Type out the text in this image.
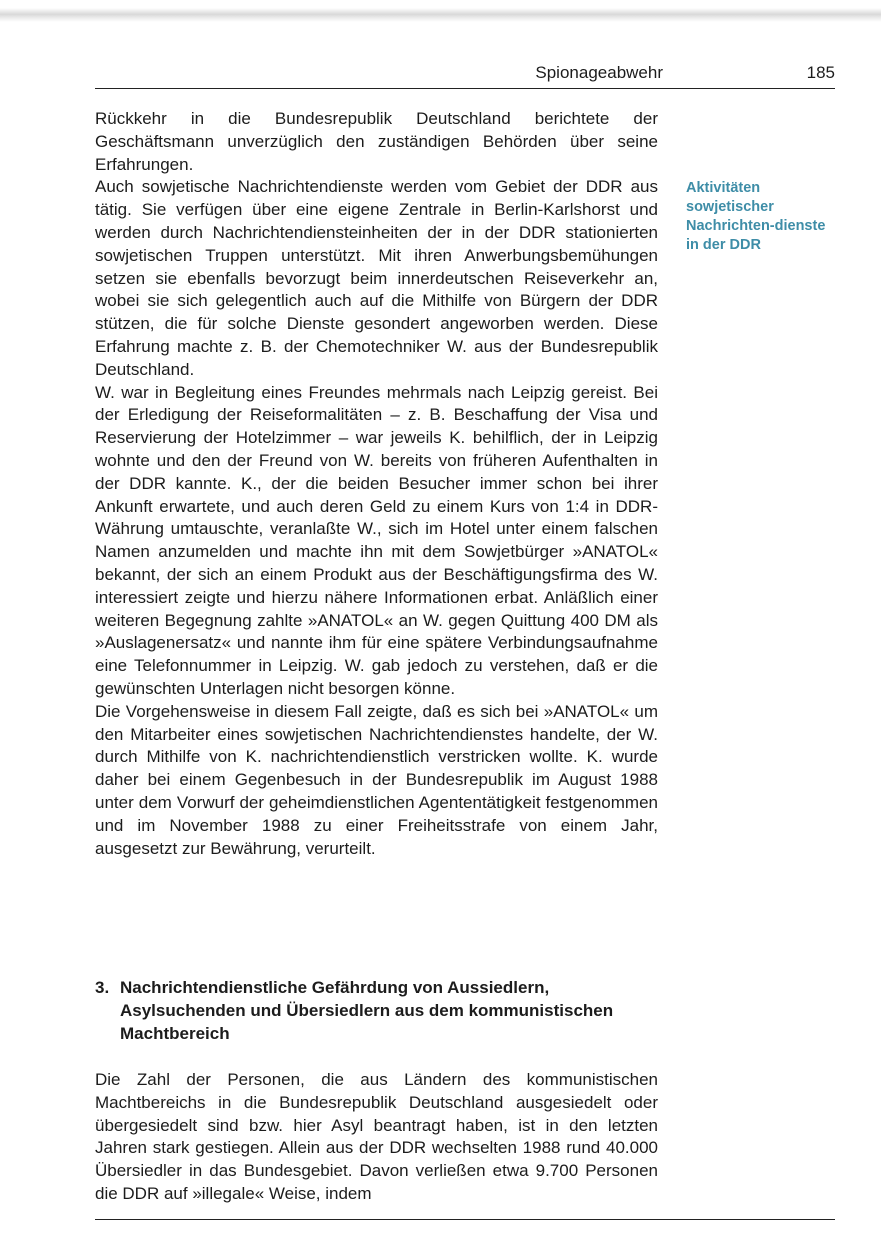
Spionageabwehr	185

Rückkehr in die Bundesrepublik Deutschland berichtete der Geschäftsmann unverzüglich den zuständigen Behörden über seine Erfahrungen.

Auch sowjetische Nachrichtendienste werden vom Gebiet der DDR aus tätig. Sie verfügen über eine eigene Zentrale in Berlin-Karlshorst und werden durch Nachrichtendiensteinheiten der in der DDR stationierten sowjetischen Truppen unterstützt. Mit ihren Anwerbungsbemühungen setzen sie ebenfalls bevorzugt beim innerdeutschen Reiseverkehr an, wobei sie sich gelegentlich auch auf die Mithilfe von Bürgern der DDR stützen, die für solche Dienste gesondert angeworben werden. Diese Erfahrung machte z. B. der Chemotechniker W. aus der Bundesrepublik Deutschland.

W. war in Begleitung eines Freundes mehrmals nach Leipzig gereist. Bei der Erledigung der Reiseformalitäten – z. B. Beschaffung der Visa und Reservierung der Hotelzimmer – war jeweils K. behilflich, der in Leipzig wohnte und den der Freund von W. bereits von früheren Aufenthalten in der DDR kannte. K., der die beiden Besucher immer schon bei ihrer Ankunft erwartete, und auch deren Geld zu einem Kurs von 1:4 in DDR-Währung umtauschte, veranlaßte W., sich im Hotel unter einem falschen Namen anzumelden und machte ihn mit dem Sowjetbürger »ANATOL« bekannt, der sich an einem Produkt aus der Beschäftigungsfirma des W. interessiert zeigte und hierzu nähere Informationen erbat. Anläßlich einer weiteren Begegnung zahlte »ANATOL« an W. gegen Quittung 400 DM als »Auslagenersatz« und nannte ihm für eine spätere Verbindungsaufnahme eine Telefonnummer in Leipzig. W. gab jedoch zu verstehen, daß er die gewünschten Unterlagen nicht besorgen könne.

Die Vorgehensweise in diesem Fall zeigte, daß es sich bei »ANATOL« um den Mitarbeiter eines sowjetischen Nachrichtendienstes handelte, der W. durch Mithilfe von K. nachrichtendienstlich verstricken wollte. K. wurde daher bei einem Gegenbesuch in der Bundesrepublik im August 1988 unter dem Vorwurf der geheimdienstlichen Agententätigkeit festgenommen und im November 1988 zu einer Freiheitsstrafe von einem Jahr, ausgesetzt zur Bewährung, verurteilt.

Aktivitäten sowjetischer Nachrichten-dienste in der DDR
3. Nachrichtendienstliche Gefährdung von Aussiedlern, Asylsuchenden und Übersiedlern aus dem kommunistischen Machtbereich

Die Zahl der Personen, die aus Ländern des kommunistischen Machtbereichs in die Bundesrepublik Deutschland ausgesiedelt oder übergesiedelt sind bzw. hier Asyl beantragt haben, ist in den letzten Jahren stark gestiegen. Allein aus der DDR wechselten 1988 rund 40.000 Übersiedler in das Bundesgebiet. Davon verließen etwa 9.700 Personen die DDR auf »illegale« Weise, indem
